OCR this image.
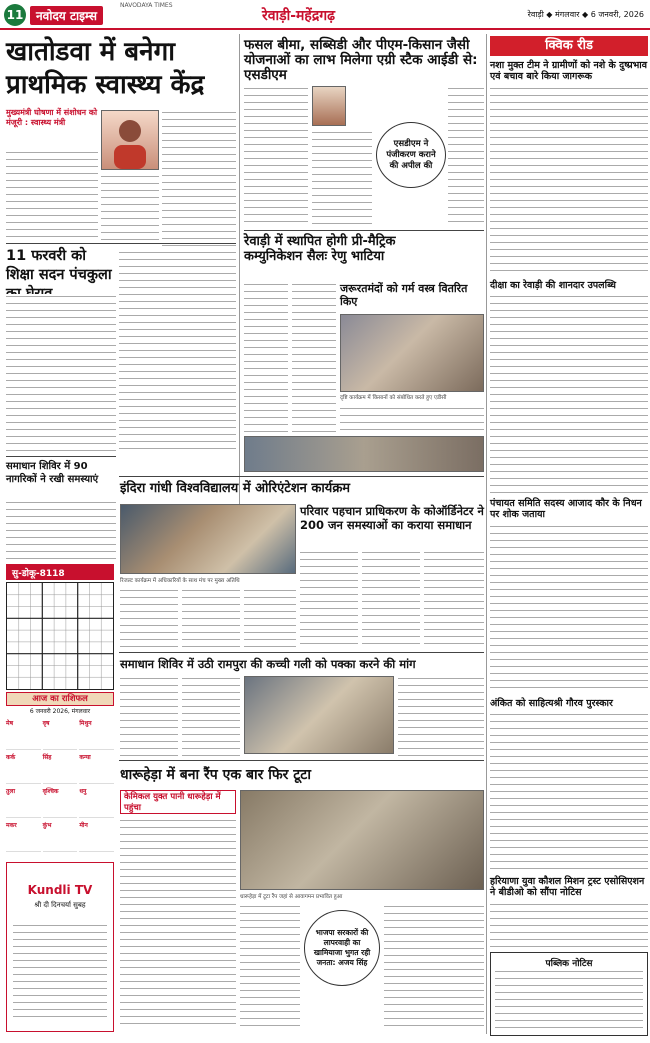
11	नवोदय टाइम्स
NAVODAYA TIMES
रेवाड़ी-महेंद्रगढ़	रेवाड़ी ◆ मंगलवार ◆ 6 जनवरी, 2026
खातोडवा में बनेगा प्राथमिक स्वास्थ्य केंद्र
मुख्यमंत्री घोषणा में संशोधन को मंजूरी : स्वास्थ्य मंत्री
11 फरवरी को शिक्षा सदन पंचकुला
समाधान शिविर में 90 नागरिकों ने रखी समस्याएं
फसल बीमा, सब्सिडी और पीएम-किसान जैसी योजनाओं का लाभ मिलेगा एग्री स्टैक आईडी से: एसडीएम
एसडीएम ने पंजीकरण कराने की अपील की
रेवाड़ी में स्थापित होगी प्री-मैट्रिक कम्युनिकेशन सैलः रेणु भाटिया
जरूरतमंदों को गर्म वस्त्र वितरित किए
दृष्टि कार्यक्रम में किसानों को संबोधित करते हुए एडीसी
इंदिरा गांधी विश्वविद्यालय में ओरिएंटेशन कार्यक्रम
रिजल्ट कार्यक्रम में अधिकारियों के साथ मंच पर मुख्य अतिथि
परिवार पहचान प्राधिकरण के कोऑर्डिनेटर ने 200 जन समस्याओं का कराया समाधान
सु-डोकू-8118
समाधान शिविर में उठी रामपुरा की कच्ची गली को पक्का करने की मांग
आज का राशिफल
6 जनवरी 2026, मंगलवार
मेष	वृष	मिथुन
कर्क	सिंह	कन्या
तुला	वृश्चिक	धनु
मकर	कुंभ	मीन
Kundli TV
श्री दी दिनचर्या सुबह
धारूहेड़ा में बना रैंप एक बार फिर टूटा
केमिकल युक्त पानी धारूहेड़ा में पहुंचा
धारूहेड़ा में टूटा रैंप जहां से आवागमन प्रभावित हुआ
भाजपा सरकारों की लापरवाही का खामियाजा भुगत रही जनता: अजय सिंह
क्विक रीड
नशा मुक्त टीम ने ग्रामीणों को नशे के दुष्प्रभाव एवं बचाव बारे किया जागरूक
दीक्षा का रेवाड़ी की शानदार उपलब्धि
पंचायत समिति सदस्य आजाद कौर के निधन पर शोक जताया
अंकित को साहित्यश्री गौरव पुरस्कार
हरियाणा युवा कौशल मिशन ट्रस्ट एसोसिएशन ने बीडीओ को सौंपा नोटिस
पब्लिक नोटिस
